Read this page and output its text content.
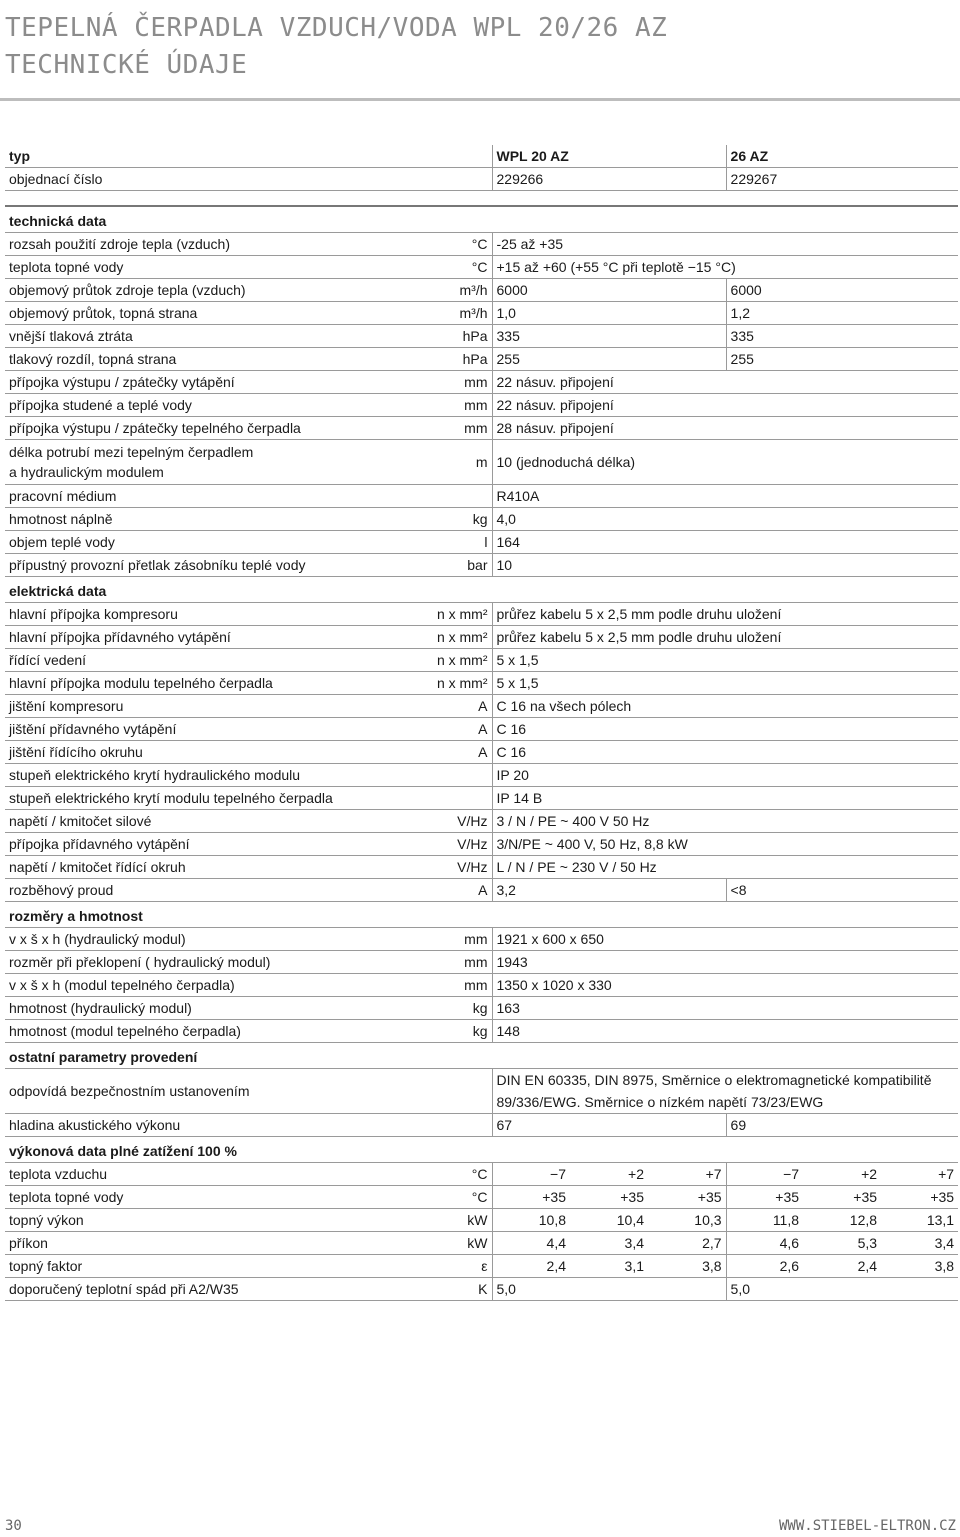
TEPELNÁ ČERPADLA VZDUCH/VODA WPL 20/26 AZ
TECHNICKÉ ÚDAJE
typ		WPL 20 AZ			26 AZ		
objednací číslo		229266			229267		

technická data							
rozsah použití zdroje tepla (vzduch)	°C	-25 až +35					
teplota topné vody	°C	+15 až +60 (+55 °C při teplotě −15 °C)					
objemový průtok zdroje tepla (vzduch)	m³/h	6000			6000		
objemový průtok, topná strana	m³/h	1,0			1,2		
vnější tlaková ztráta	hPa	335			335		
tlakový rozdíl, topná strana	hPa	255			255		
přípojka výstupu / zpátečky vytápění	mm	22 násuv. připojení					
přípojka studené a teplé vody	mm	22 násuv. připojení					
přípojka výstupu / zpátečky tepelného čerpadla	mm	28 násuv. připojení					
délka potrubí mezi tepelným čerpadlem
a hydraulickým modulem	m	10 (jednoduchá délka)					
pracovní médium		R410A					
hmotnost náplně	kg	4,0					
objem teplé vody	l	164					
přípustný provozní přetlak zásobníku teplé vody	bar	10					
elektrická data							
hlavní přípojka kompresoru	n x mm²	průřez kabelu 5 x 2,5 mm podle druhu uložení					
hlavní přípojka přídavného vytápění	n x mm²	průřez kabelu 5 x 2,5 mm podle druhu uložení					
řídící vedení	n x mm²	5 x 1,5					
hlavní přípojka modulu tepelného čerpadla	n x mm²	5 x 1,5					
jištění kompresoru	A	C 16 na všech pólech					
jištění přídavného vytápění	A	C 16					
jištění řídícího okruhu	A	C 16					
stupeň elektrického krytí hydraulického modulu		IP 20					
stupeň elektrického krytí modulu tepelného čerpadla		IP 14 B					
napětí / kmitočet silové	V/Hz	3 / N / PE ~ 400 V 50 Hz					
přípojka přídavného vytápění	V/Hz	3/N/PE ~ 400 V, 50 Hz, 8,8 kW					
napětí / kmitočet řídící okruh	V/Hz	L / N / PE ~ 230 V / 50 Hz					
rozběhový proud	A	3,2			<8		
rozměry a hmotnost							
v x š x h (hydraulický modul)	mm	1921 x 600 x 650					
rozměr při překlopení ( hydraulický modul)	mm	1943					
v x š x h (modul tepelného čerpadla)	mm	1350 x 1020 x 330					
hmotnost (hydraulický modul)	kg	163					
hmotnost (modul tepelného čerpadla)	kg	148					
ostatní parametry provedení							
odpovídá bezpečnostním ustanovením		DIN EN 60335, DIN 8975, Směrnice o elektromagnetické kompatibilitě 89/336/EWG. Směrnice o nízkém napětí 73/23/EWG					
hladina akustického výkonu		67			69		
výkonová data plné zatížení 100 %							
teplota vzduchu	°C	−7	+2	+7	−7	+2	+7
teplota topné vody	°C	+35	+35	+35	+35	+35	+35
topný výkon	kW	10,8	10,4	10,3	11,8	12,8	13,1
příkon	kW	4,4	3,4	2,7	4,6	5,3	3,4
topný faktor	ε	2,4	3,1	3,8	2,6	2,4	3,8
doporučený teplotní spád při A2/W35	K	5,0			5,0		
30	WWW.STIEBEL-ELTRON.CZ
